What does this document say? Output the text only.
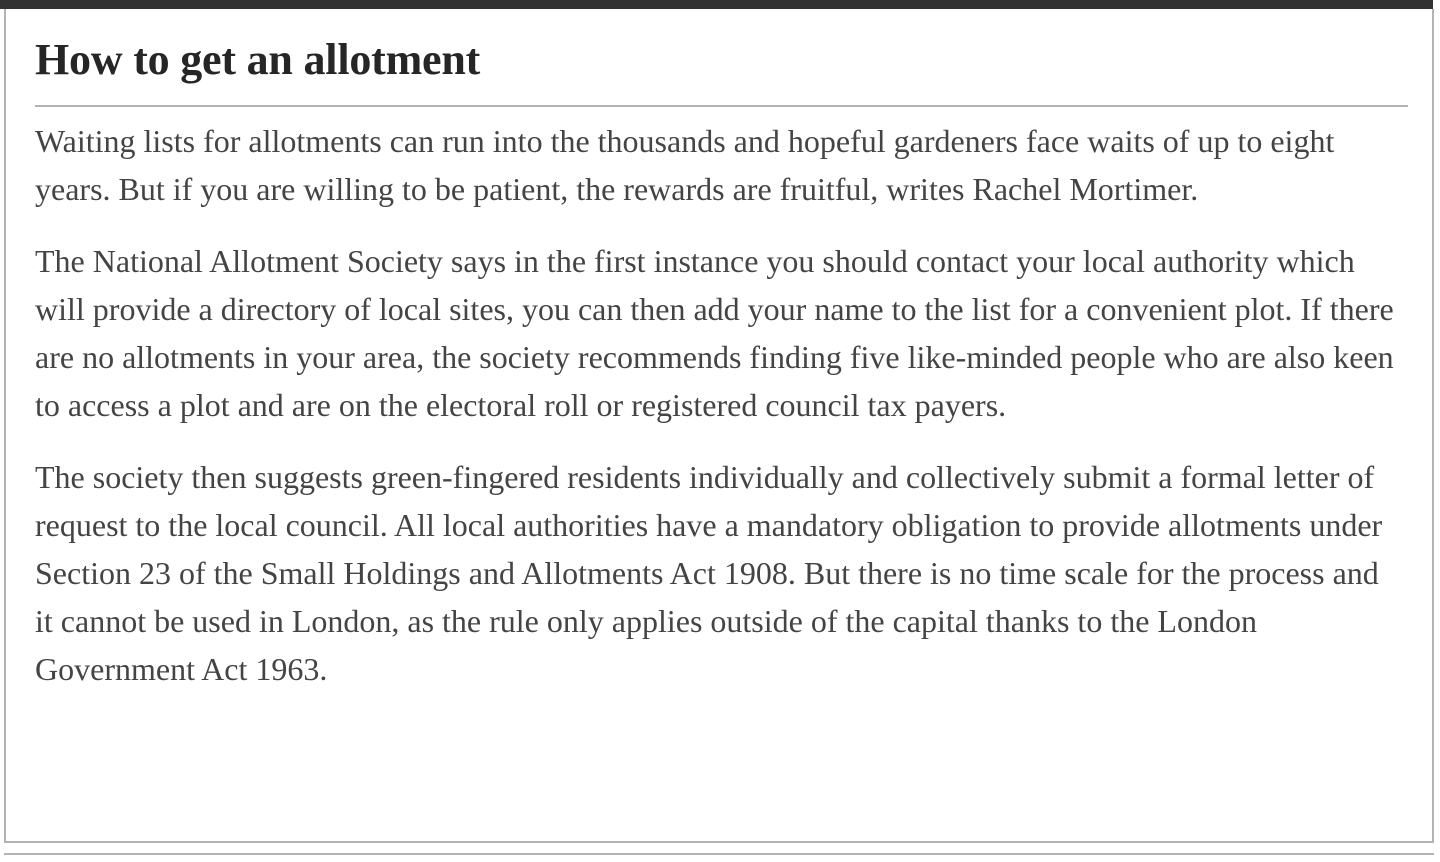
How to get an allotment

Waiting lists for allotments can run into the thousands and hopeful gardeners face waits of up to eight years. But if you are willing to be patient, the rewards are fruitful, writes Rachel Mortimer.

The National Allotment Society says in the first instance you should contact your local authority which will provide a directory of local sites, you can then add your name to the list for a convenient plot. If there are no allotments in your area, the society recommends finding five like-minded people who are also keen to access a plot and are on the electoral roll or registered council tax payers.

The society then suggests green-fingered residents individually and collectively submit a formal letter of request to the local council. All local authorities have a mandatory obligation to provide allotments under Section 23 of the Small Holdings and Allotments Act 1908. But there is no time scale for the process and it cannot be used in London, as the rule only applies outside of the capital thanks to the London Government Act 1963.
